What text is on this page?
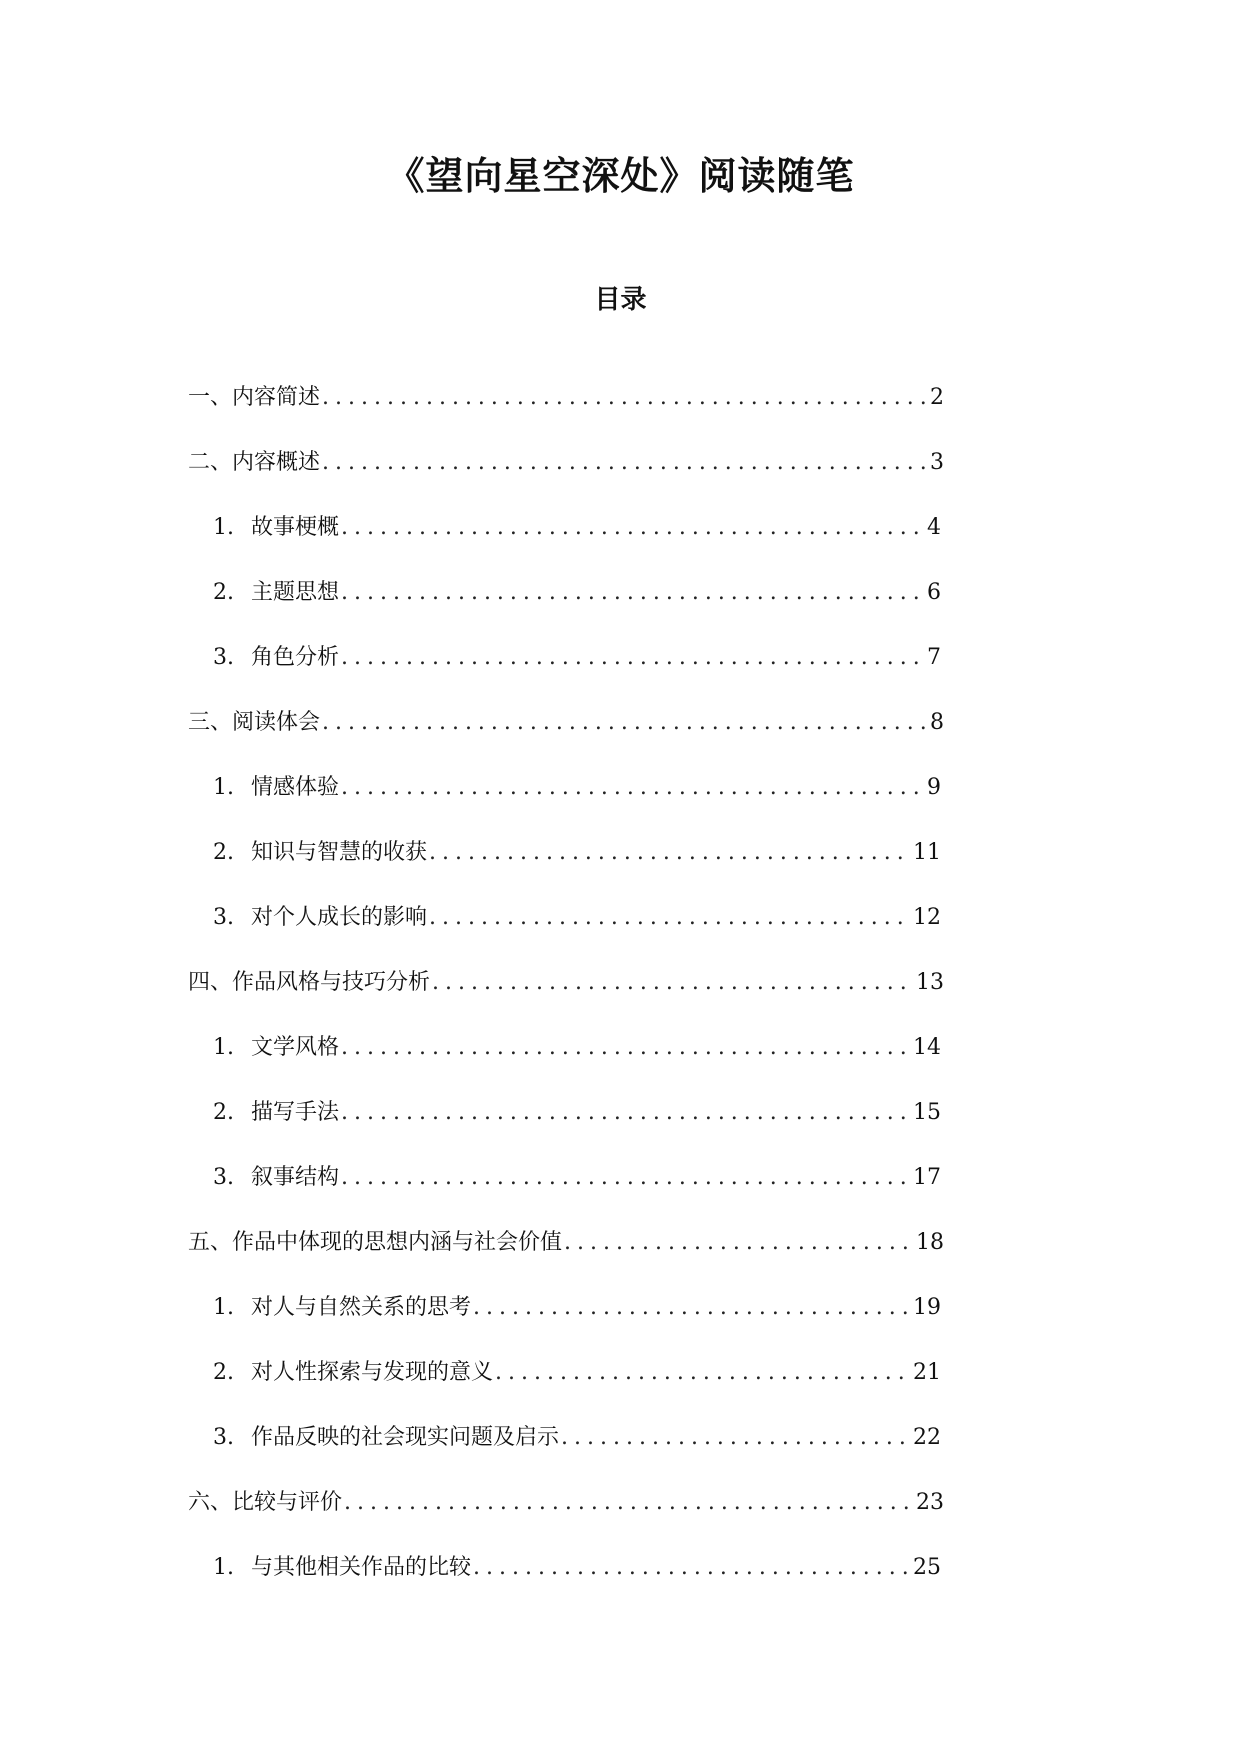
《望向星空深处》阅读随笔
目录
一、内容简述 .....	2
二、内容概述 .....	3
1. 故事梗概 .....	4
2. 主题思想 .....	6
3. 角色分析 .....	7
三、阅读体会 .....	8
1. 情感体验 .....	9
2. 知识与智慧的收获 .....	11
3. 对个人成长的影响 .....	12
四、作品风格与技巧分析 .....	13
1. 文学风格 .....	14
2. 描写手法 .....	15
3. 叙事结构 .....	17
五、作品中体现的思想内涵与社会价值 .....	18
1. 对人与自然关系的思考 .....	19
2. 对人性探索与发现的意义 .....	21
3. 作品反映的社会现实问题及启示 .....	22
六、比较与评价 .....	23
1. 与其他相关作品的比较 .....	25
